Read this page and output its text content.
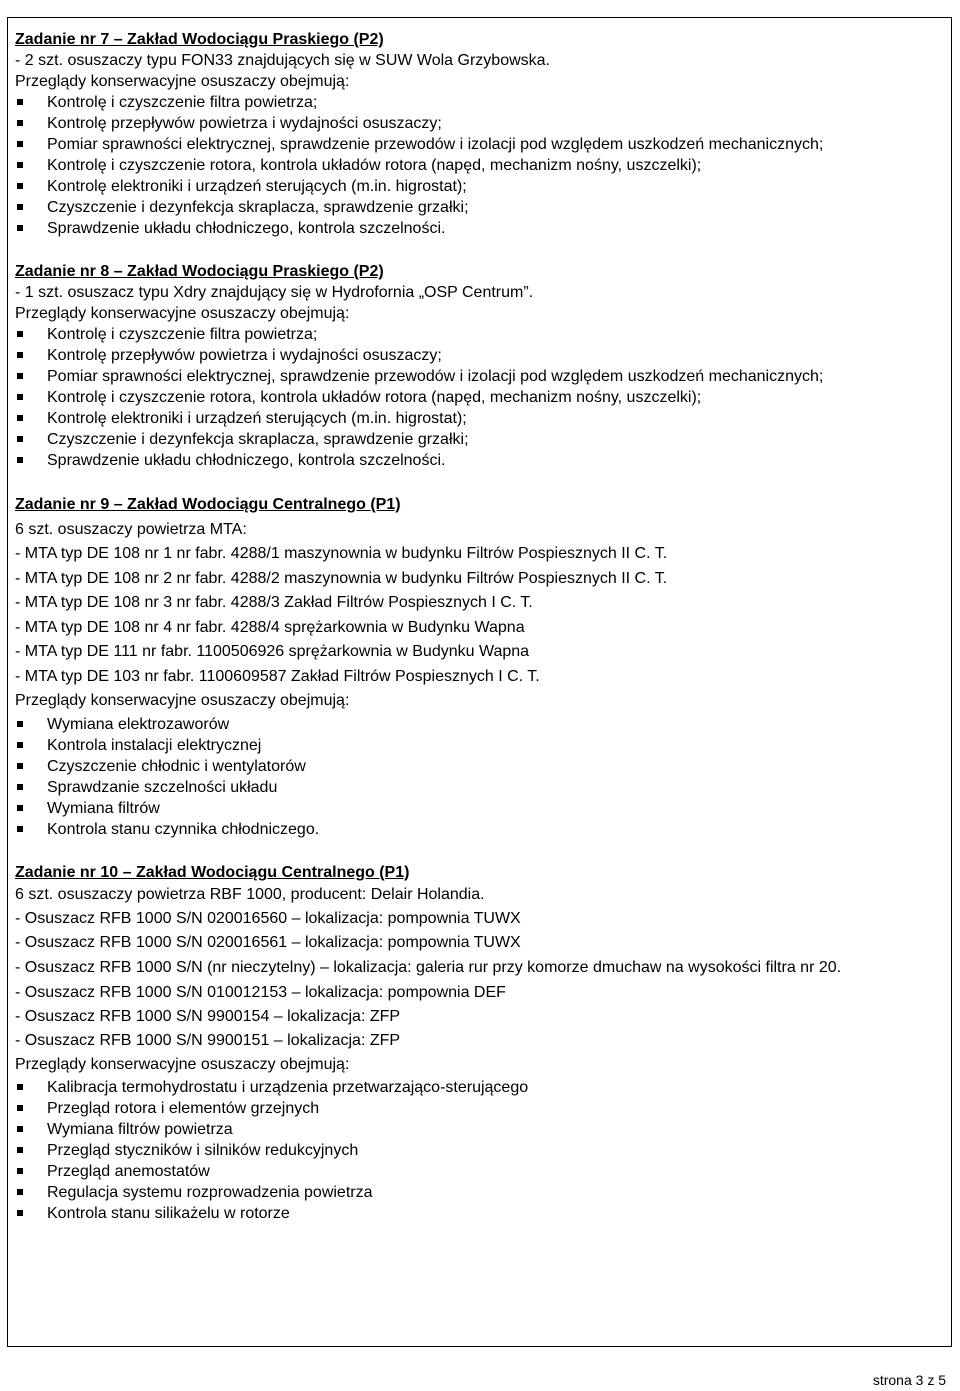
Zadanie nr 7 – Zakład Wodociągu Praskiego (P2)
- 2 szt. osuszaczy typu FON33 znajdujących się w SUW Wola Grzybowska.
Przeglądy konserwacyjne osuszaczy obejmują:
Kontrolę i czyszczenie filtra powietrza;
Kontrolę przepływów powietrza i wydajności osuszaczy;
Pomiar sprawności elektrycznej, sprawdzenie przewodów i izolacji pod względem uszkodzeń mechanicznych;
Kontrolę i czyszczenie rotora, kontrola układów rotora (napęd, mechanizm nośny, uszczelki);
Kontrolę elektroniki i urządzeń sterujących (m.in. higrostat);
Czyszczenie i dezynfekcja skraplacza, sprawdzenie grzałki;
Sprawdzenie układu chłodniczego, kontrola szczelności.
Zadanie nr 8 – Zakład Wodociągu Praskiego (P2)
- 1 szt. osuszacz typu Xdry znajdujący się w Hydrofornia „OSP Centrum”.
Przeglądy konserwacyjne osuszaczy obejmują:
Kontrolę i czyszczenie filtra powietrza;
Kontrolę przepływów powietrza i wydajności osuszaczy;
Pomiar sprawności elektrycznej, sprawdzenie przewodów i izolacji pod względem uszkodzeń mechanicznych;
Kontrolę i czyszczenie rotora, kontrola układów rotora (napęd, mechanizm nośny, uszczelki);
Kontrolę elektroniki i urządzeń sterujących (m.in. higrostat);
Czyszczenie i dezynfekcja skraplacza, sprawdzenie grzałki;
Sprawdzenie układu chłodniczego, kontrola szczelności.
Zadanie nr 9 – Zakład Wodociągu Centralnego (P1)
6 szt. osuszaczy powietrza MTA:
- MTA typ DE 108 nr 1 nr fabr. 4288/1 maszynownia w budynku Filtrów Pospiesznych II C. T.
- MTA typ DE 108 nr 2 nr fabr. 4288/2 maszynownia w budynku Filtrów Pospiesznych II C. T.
- MTA typ DE 108 nr 3 nr fabr. 4288/3 Zakład Filtrów Pospiesznych I C. T.
- MTA typ DE 108 nr 4 nr fabr. 4288/4 sprężarkownia w Budynku Wapna
- MTA typ DE 111 nr fabr. 1100506926 sprężarkownia w Budynku Wapna
- MTA typ DE 103 nr fabr. 1100609587 Zakład Filtrów Pospiesznych I C. T.
Przeglądy konserwacyjne osuszaczy obejmują:
Wymiana elektrozaworów
Kontrola instalacji elektrycznej
Czyszczenie chłodnic i wentylatorów
Sprawdzanie szczelności układu
Wymiana filtrów
Kontrola stanu czynnika chłodniczego.
Zadanie nr 10 – Zakład Wodociągu Centralnego (P1)
6 szt. osuszaczy powietrza RBF 1000, producent: Delair Holandia.
- Osuszacz RFB 1000 S/N 020016560 – lokalizacja: pompownia TUWX
- Osuszacz RFB 1000 S/N 020016561 – lokalizacja: pompownia TUWX
- Osuszacz RFB 1000 S/N (nr nieczytelny) – lokalizacja: galeria rur przy komorze dmuchaw na wysokości filtra nr 20.
- Osuszacz RFB 1000 S/N 010012153 – lokalizacja: pompownia DEF
- Osuszacz RFB 1000 S/N 9900154 – lokalizacja: ZFP
- Osuszacz RFB 1000 S/N 9900151 – lokalizacja: ZFP
Przeglądy konserwacyjne osuszaczy obejmują:
Kalibracja termohydrostatu i urządzenia przetwarzająco-sterującego
Przegląd rotora i elementów grzejnych
Wymiana filtrów powietrza
Przegląd styczników i silników redukcyjnych
Przegląd anemostatów
Regulacja systemu rozprowadzenia powietrza
Kontrola stanu silikażelu w rotorze
strona 3 z 5
